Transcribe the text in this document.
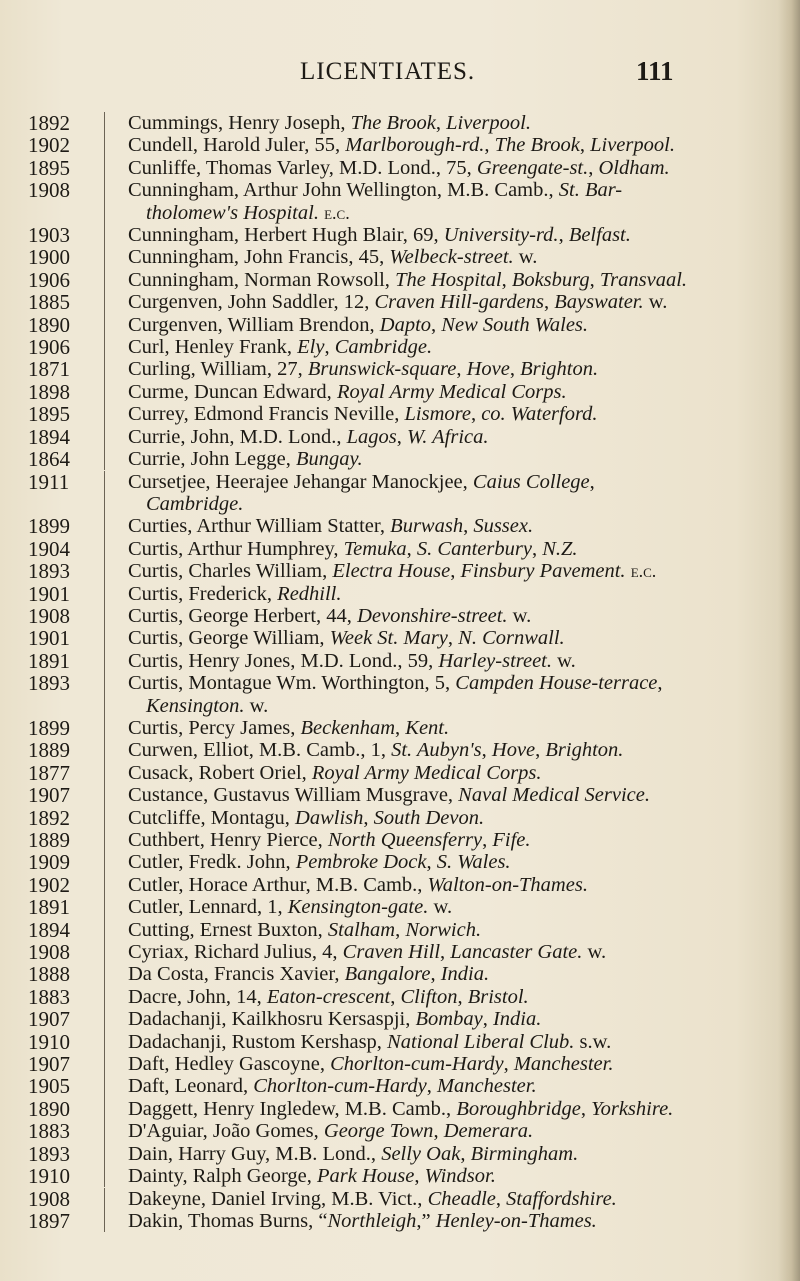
LICENTIATES.	111
1892	Cummings, Henry Joseph, The Brook, Liverpool.
1902	Cundell, Harold Juler, 55, Marlborough-rd., The Brook, Liverpool.
1895	Cunliffe, Thomas Varley, M.D. Lond., 75, Greengate-st., Oldham.
1908	Cunningham, Arthur John Wellington, M.B. Camb., St. Bar-
tholomew's Hospital. e.c.
1903	Cunningham, Herbert Hugh Blair, 69, University-rd., Belfast.
1900	Cunningham, John Francis, 45, Welbeck-street. w.
1906	Cunningham, Norman Rowsoll, The Hospital, Boksburg, Transvaal.
1885	Curgenven, John Saddler, 12, Craven Hill-gardens, Bayswater. w.
1890	Curgenven, William Brendon, Dapto, New South Wales.
1906	Curl, Henley Frank, Ely, Cambridge.
1871	Curling, William, 27, Brunswick-square, Hove, Brighton.
1898	Curme, Duncan Edward, Royal Army Medical Corps.
1895	Currey, Edmond Francis Neville, Lismore, co. Waterford.
1894	Currie, John, M.D. Lond., Lagos, W. Africa.
1864	Currie, John Legge, Bungay.
1911	Cursetjee, Heerajee Jehangar Manockjee, Caius College,
Cambridge.
1899	Curties, Arthur William Statter, Burwash, Sussex.
1904	Curtis, Arthur Humphrey, Temuka, S. Canterbury, N.Z.
1893	Curtis, Charles William, Electra House, Finsbury Pavement. e.c.
1901	Curtis, Frederick, Redhill.
1908	Curtis, George Herbert, 44, Devonshire-street. w.
1901	Curtis, George William, Week St. Mary, N. Cornwall.
1891	Curtis, Henry Jones, M.D. Lond., 59, Harley-street. w.
1893	Curtis, Montague Wm. Worthington, 5, Campden House-terrace,
Kensington. w.
1899	Curtis, Percy James, Beckenham, Kent.
1889	Curwen, Elliot, M.B. Camb., 1, St. Aubyn's, Hove, Brighton.
1877	Cusack, Robert Oriel, Royal Army Medical Corps.
1907	Custance, Gustavus William Musgrave, Naval Medical Service.
1892	Cutcliffe, Montagu, Dawlish, South Devon.
1889	Cuthbert, Henry Pierce, North Queensferry, Fife.
1909	Cutler, Fredk. John, Pembroke Dock, S. Wales.
1902	Cutler, Horace Arthur, M.B. Camb., Walton-on-Thames.
1891	Cutler, Lennard, 1, Kensington-gate. w.
1894	Cutting, Ernest Buxton, Stalham, Norwich.
1908	Cyriax, Richard Julius, 4, Craven Hill, Lancaster Gate. w.
1888	Da Costa, Francis Xavier, Bangalore, India.
1883	Dacre, John, 14, Eaton-crescent, Clifton, Bristol.
1907	Dadachanji, Kailkhosru Kersaspji, Bombay, India.
1910	Dadachanji, Rustom Kershasp, National Liberal Club. s.w.
1907	Daft, Hedley Gascoyne, Chorlton-cum-Hardy, Manchester.
1905	Daft, Leonard, Chorlton-cum-Hardy, Manchester.
1890	Daggett, Henry Ingledew, M.B. Camb., Boroughbridge, Yorkshire.
1883	D'Aguiar, João Gomes, George Town, Demerara.
1893	Dain, Harry Guy, M.B. Lond., Selly Oak, Birmingham.
1910	Dainty, Ralph George, Park House, Windsor.
1908	Dakeyne, Daniel Irving, M.B. Vict., Cheadle, Staffordshire.
1897	Dakin, Thomas Burns, “Northleigh,” Henley-on-Thames.
